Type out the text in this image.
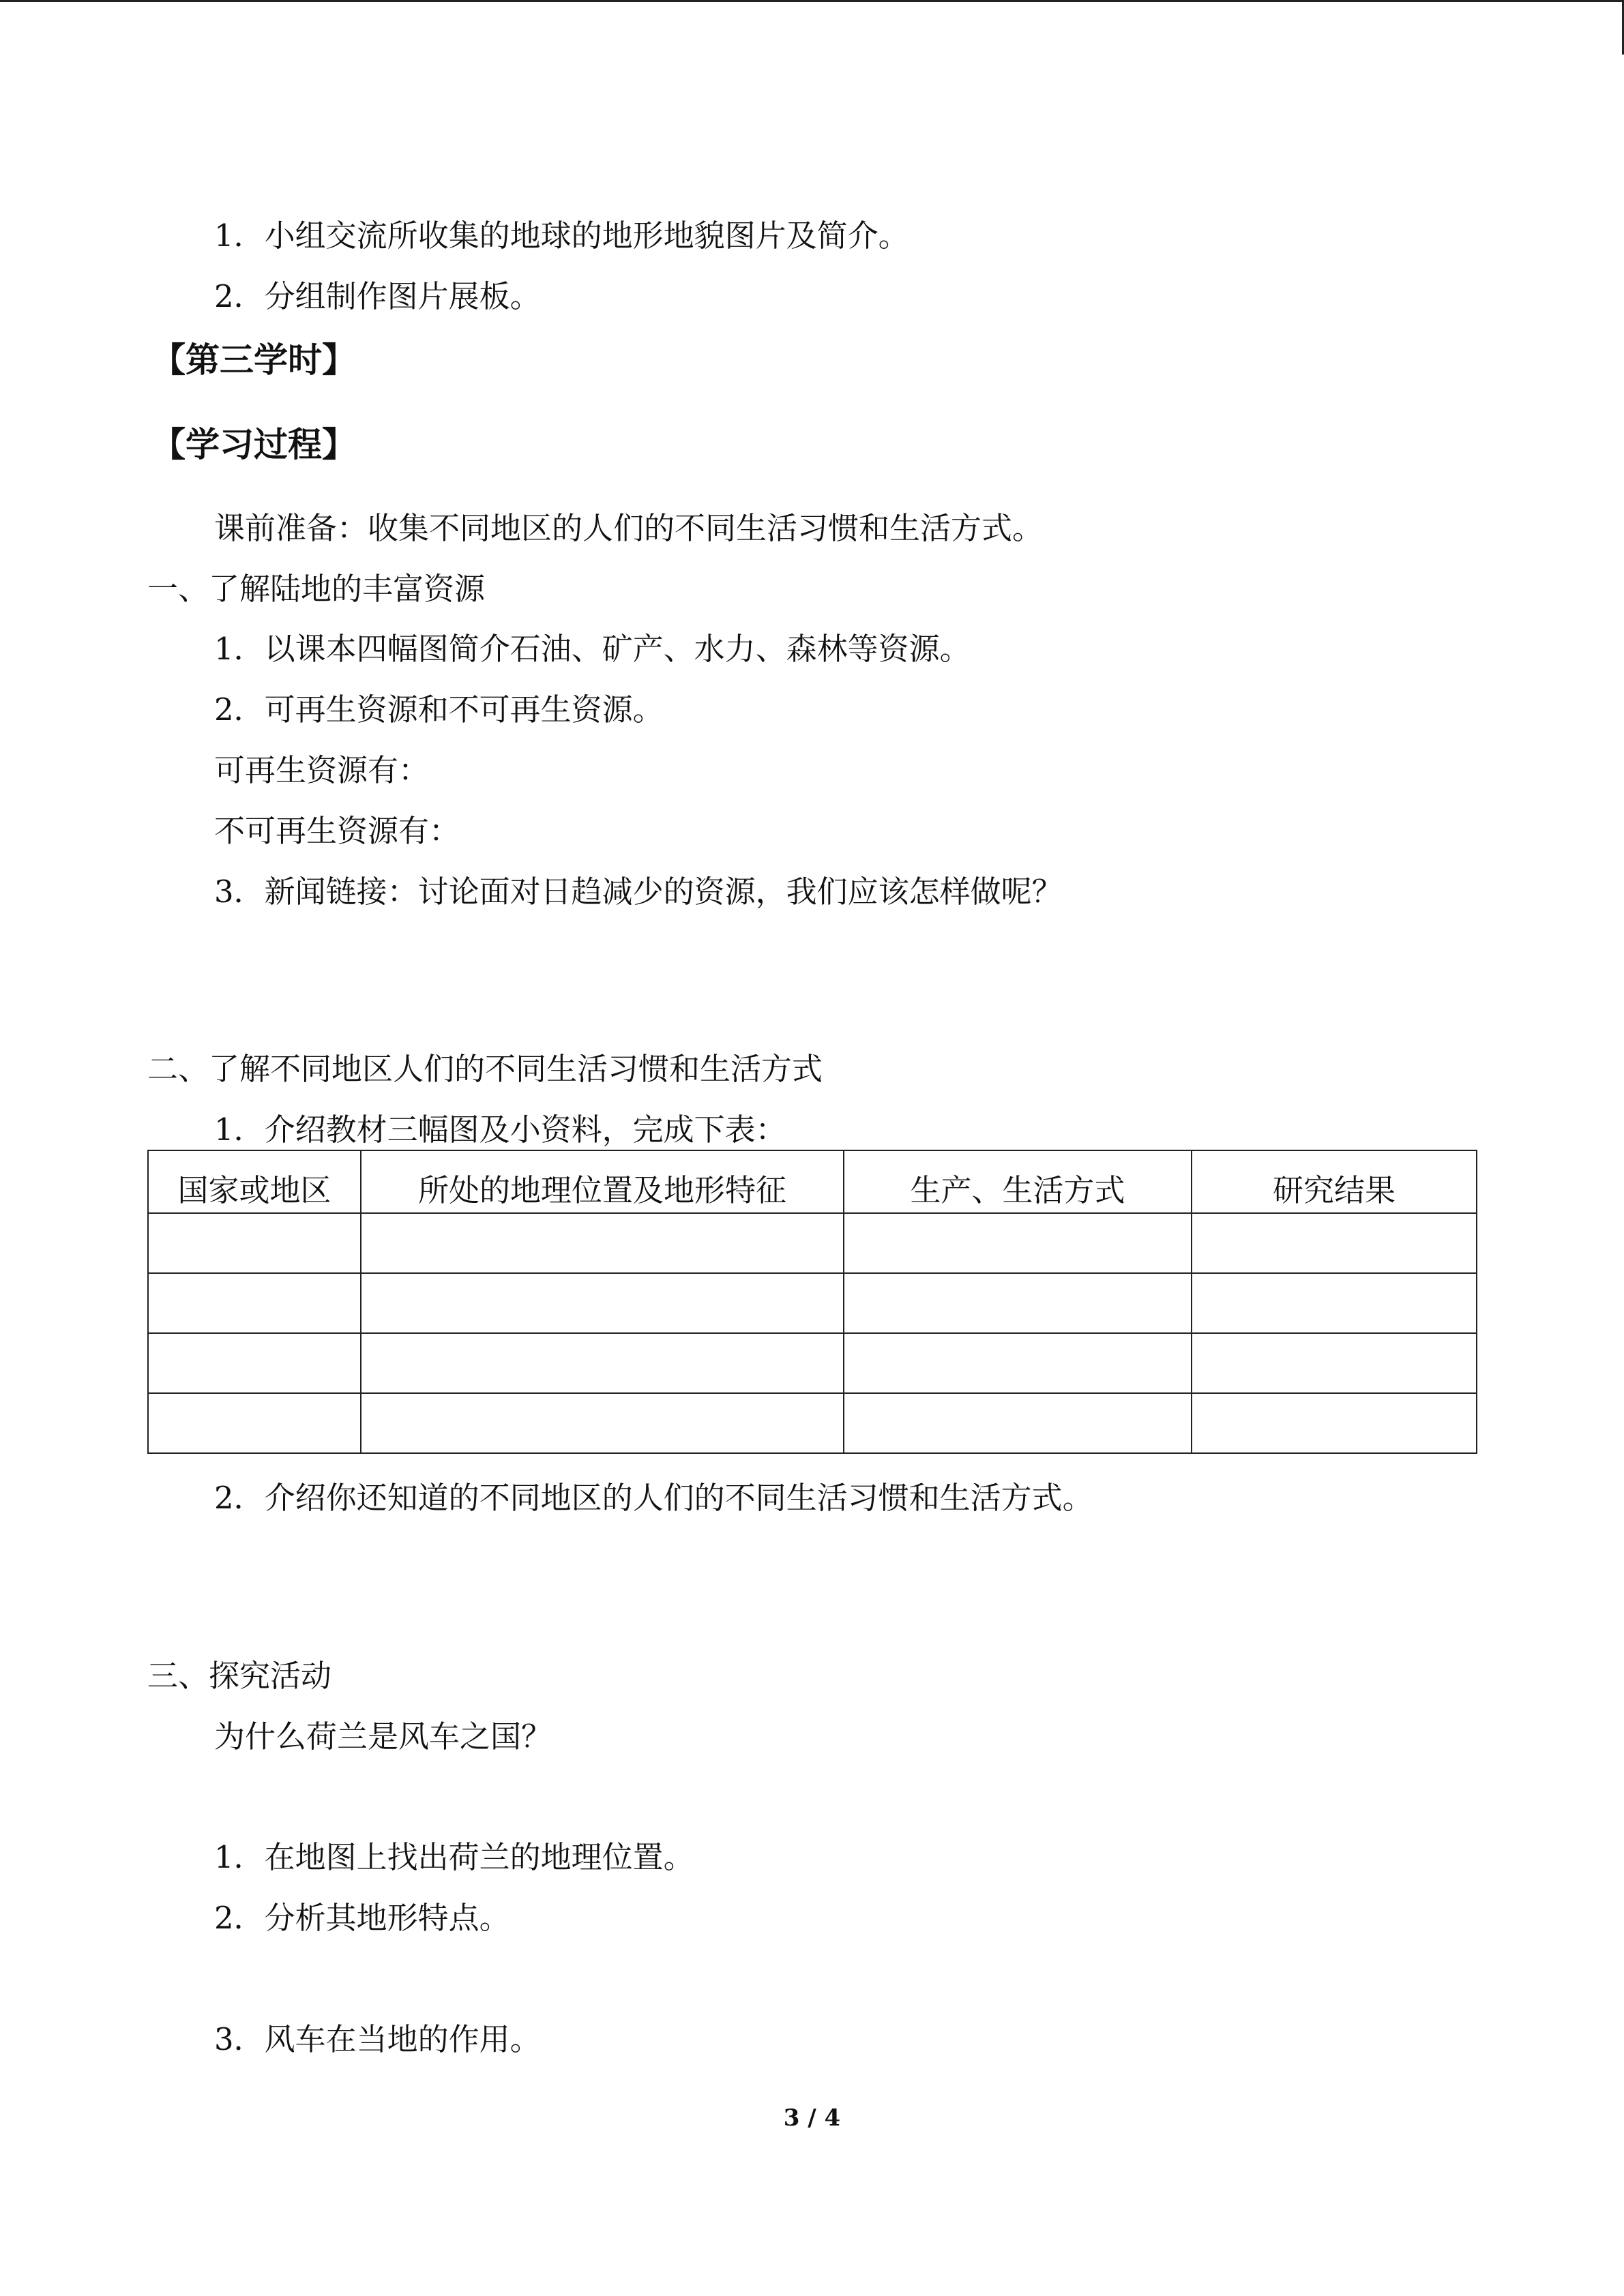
1．小组交流所收集的地球的地形地貌图片及简介。
2．分组制作图片展板。
【第三学时】
【学习过程】
课前准备：收集不同地区的人们的不同生活习惯和生活方式。
一、了解陆地的丰富资源
1．以课本四幅图简介石油、矿产、水力、森林等资源。
2．可再生资源和不可再生资源。
可再生资源有：
不可再生资源有：
3．新闻链接：讨论面对日趋减少的资源，我们应该怎样做呢？
二、了解不同地区人们的不同生活习惯和生活方式
1．介绍教材三幅图及小资料，完成下表：
国家或地区	所处的地理位置及地形特征	生产、生活方式	研究结果

2．介绍你还知道的不同地区的人们的不同生活习惯和生活方式。
三、探究活动
为什么荷兰是风车之国？
1．在地图上找出荷兰的地理位置。
2．分析其地形特点。
3．风车在当地的作用。
3 / 4
